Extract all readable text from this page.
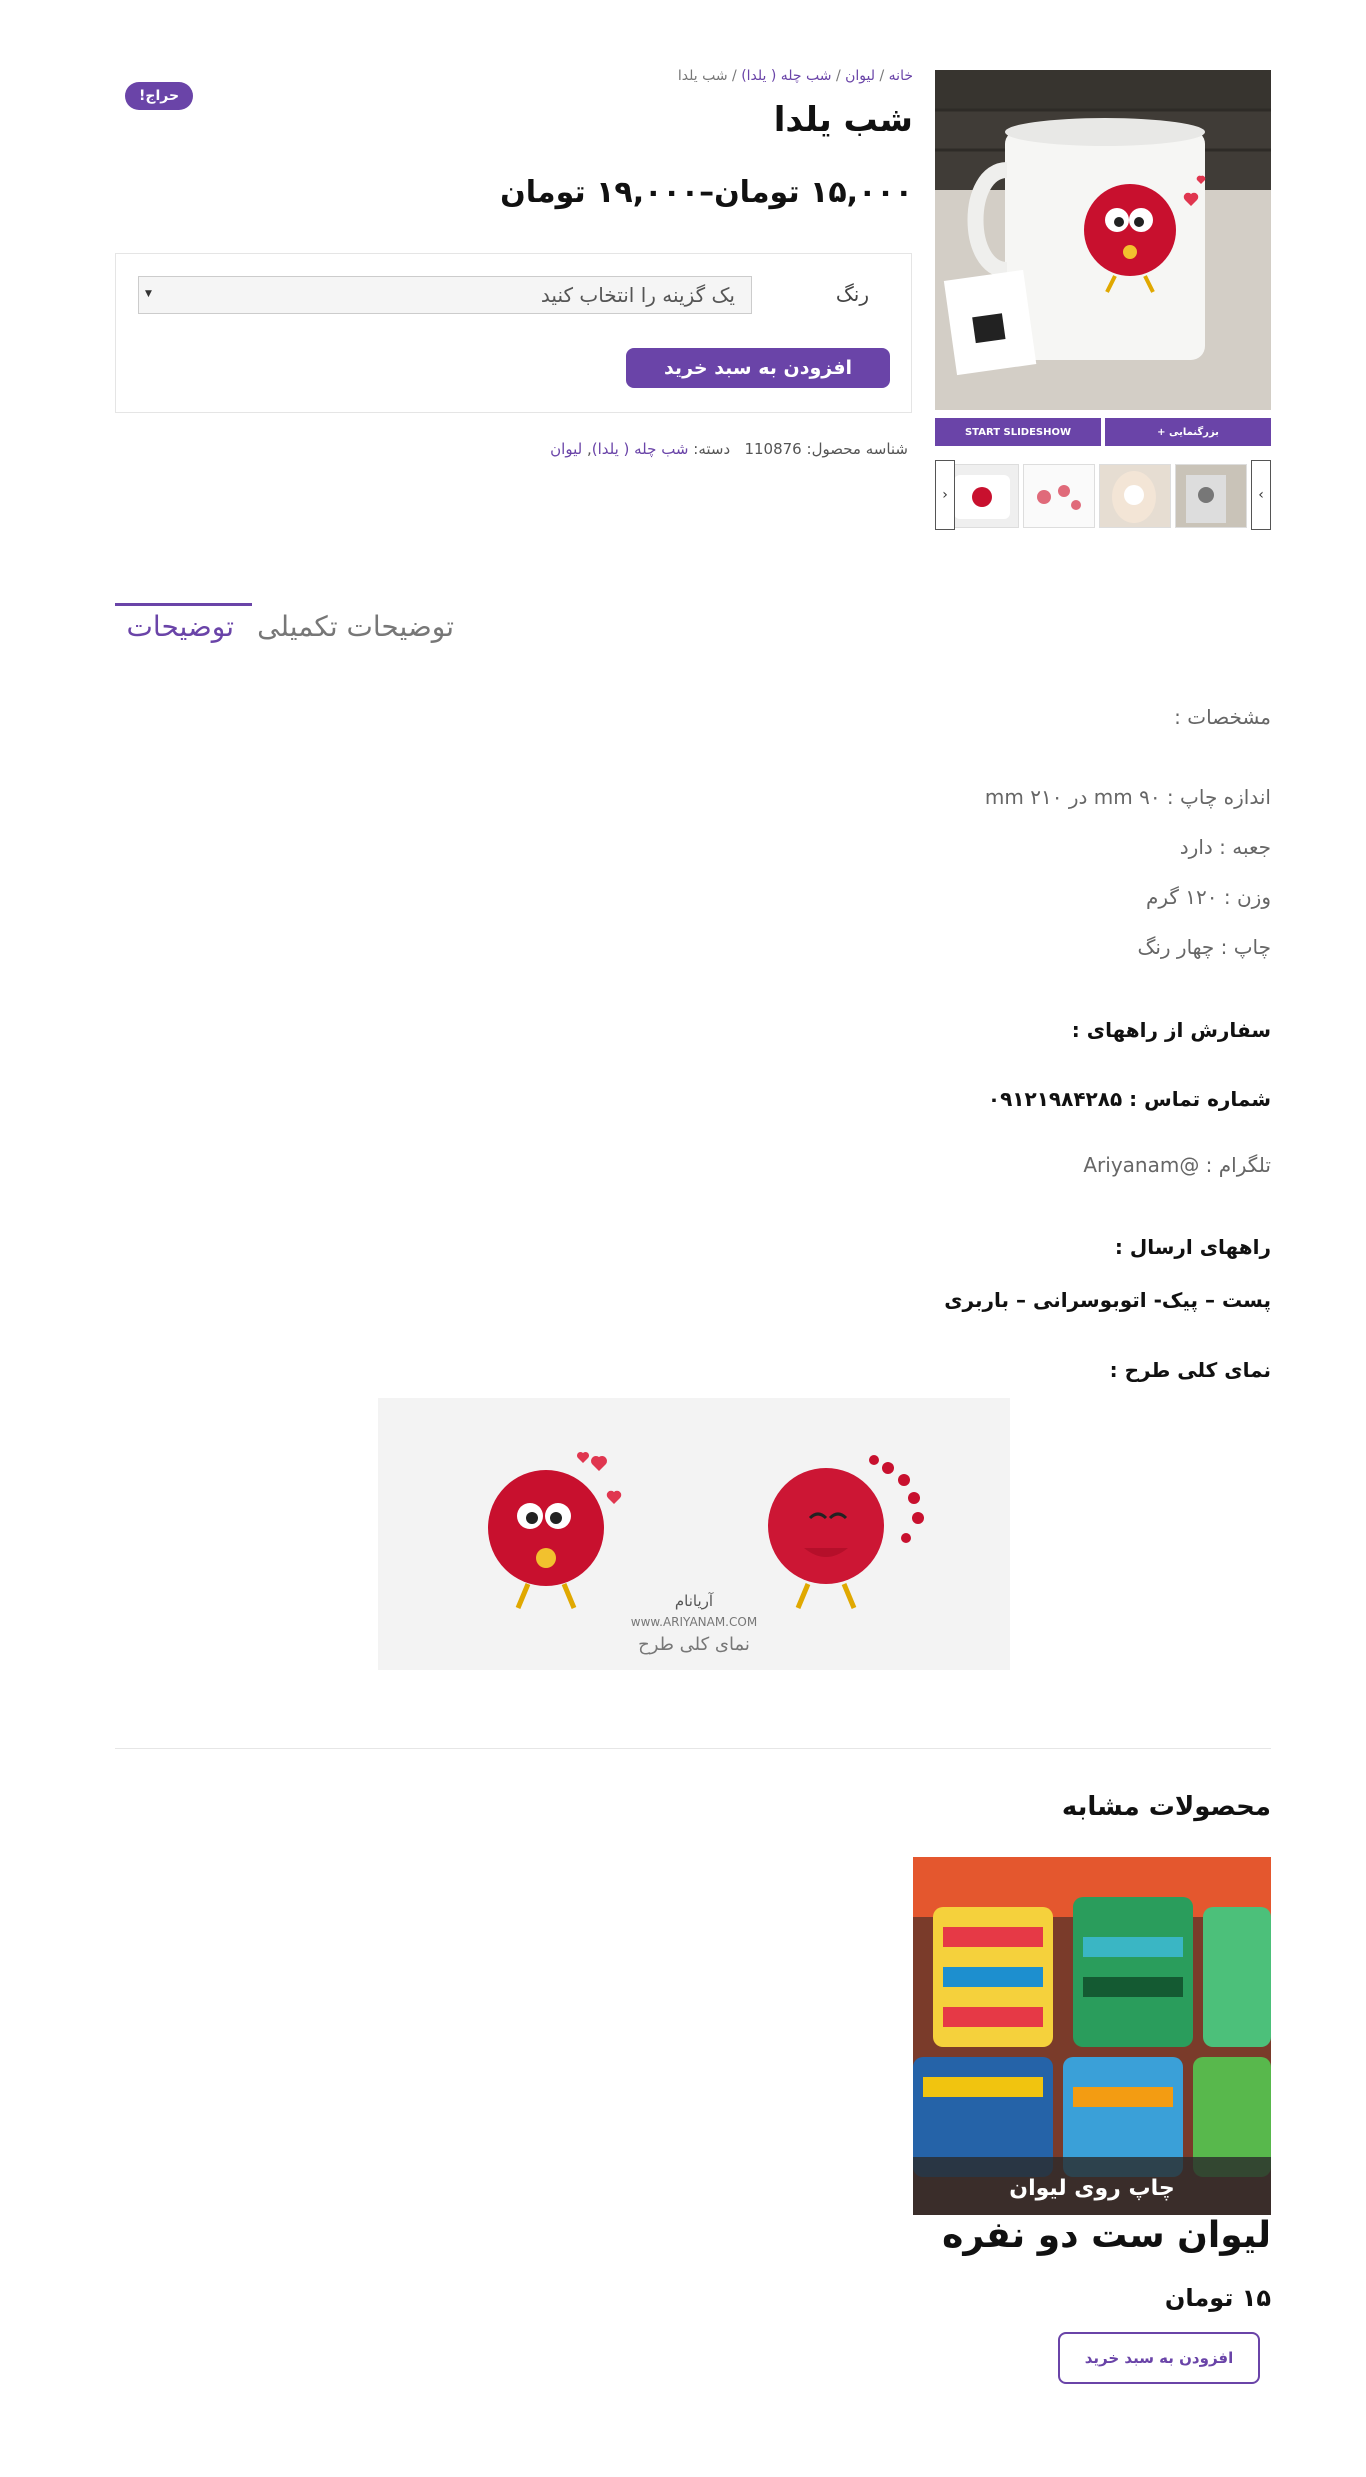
بزرگنمایی +
START SLIDESHOW
›
‹
خانه / لیوان / شب چله ( یلدا) / شب یلدا
حراج!
شب یلدا
۱۵,۰۰۰ تومان–۱۹,۰۰۰ تومان
رنگ
یک گزینه را انتخاب کنید
▼
افزودن به سبد خرید
شناسه محصول: 110876   دسته: شب چله ( یلدا), لیوان
توضیحات توضیحات تکمیلی
مشخصات :
اندازه چاپ : ۹۰ mm در ۲۱۰ mm
جعبه : دارد
وزن : ۱۲۰ گرم
چاپ : چهار رنگ
سفارش از راههای :
شماره تماس : ۰۹۱۲۱۹۸۴۲۸۵
تلگرام : @Ariyanam
راههای ارسال :
پست – پیک- اتوبوسرانی – باربری
نمای کلی طرح :
آریانام
www.ARIYANAM.COM
نمای کلی طرح
محصولات مشابه
چاپ روی لیوان
لیوان ست دو نفره
۱۵ تومان
افزودن به سبد خرید
